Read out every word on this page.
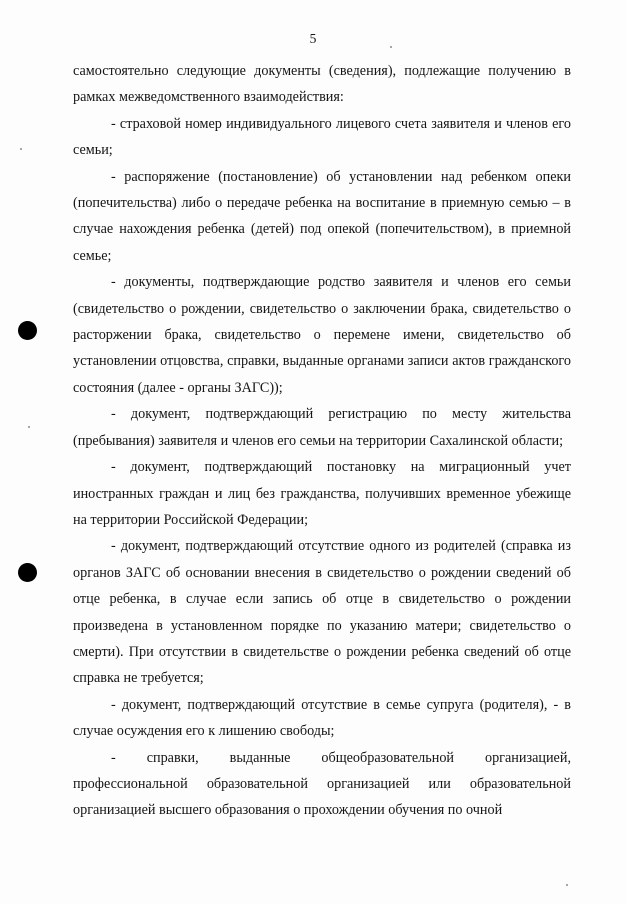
5

самостоятельно следующие документы (сведения), подлежащие получению в рамках межведомственного взаимодействия:

- страховой номер индивидуального лицевого счета заявителя и членов его семьи;

- распоряжение (постановление) об установлении над ребенком опеки (попечительства) либо о передаче ребенка на воспитание в приемную семью – в случае нахождения ребенка (детей) под опекой (попечительством), в приемной семье;

- документы, подтверждающие родство заявителя и членов его семьи (свидетельство о рождении, свидетельство о заключении брака, свидетельство о расторжении брака, свидетельство о перемене имени, свидетельство об установлении отцовства, справки, выданные органами записи актов гражданского состояния (далее - органы ЗАГС));

- документ, подтверждающий регистрацию по месту жительства (пребывания) заявителя и членов его семьи на территории Сахалинской области;

- документ, подтверждающий постановку на миграционный учет иностранных граждан и лиц без гражданства, получивших временное убежище на территории Российской Федерации;

- документ, подтверждающий отсутствие одного из родителей (справка из органов ЗАГС об основании внесения в свидетельство о рождении сведений об отце ребенка, в случае если запись об отце в свидетельство о рождении произведена в установленном порядке по указанию матери; свидетельство о смерти). При отсутствии в свидетельстве о рождении ребенка сведений об отце справка не требуется;

- документ, подтверждающий отсутствие в семье супруга (родителя), - в случае осуждения его к лишению свободы;

- справки, выданные общеобразовательной организацией, профессиональной образовательной организацией или образовательной организацией высшего образования о прохождении обучения по очной
